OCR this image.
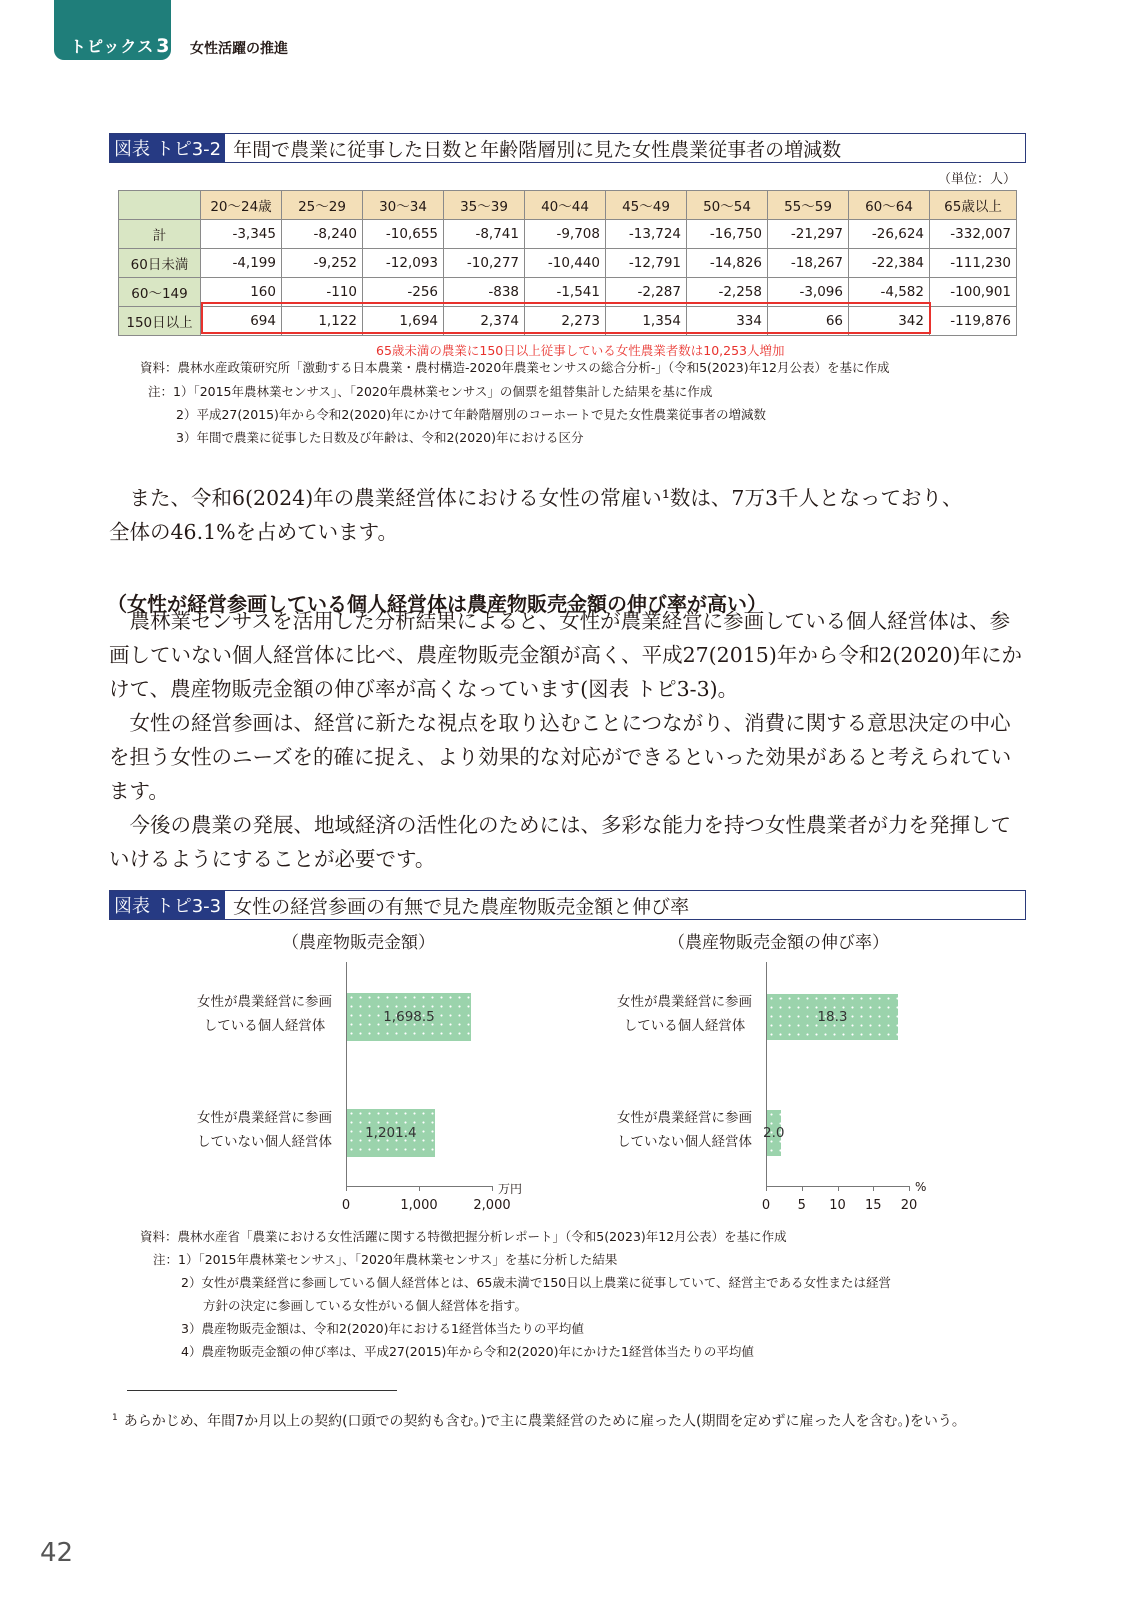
トピックス 3 女性活躍の推進
図表 トピ3-2 年間で農業に従事した日数と年齢階層別に見た女性農業従事者の増減数
（単位：人）
	20～24歳	25～29	30～34	35～39	40～44	45～49	50～54	55～59	60～64	65歳以上
計	-3,345	-8,240	-10,655	-8,741	-9,708	-13,724	-16,750	-21,297	-26,624	-332,007
60日未満	-4,199	-9,252	-12,093	-10,277	-10,440	-12,791	-14,826	-18,267	-22,384	-111,230
60～149	160	-110	-256	-838	-1,541	-2,287	-2,258	-3,096	-4,582	-100,901
150日以上	694	1,122	1,694	2,374	2,273	1,354	334	66	342	-119,876
65歳未満の農業に150日以上従事している女性農業者数は10,253人増加
資料：農林水産政策研究所「激動する日本農業・農村構造-2020年農業センサスの総合分析-」（令和5(2023)年12月公表）を基に作成
注：1）「2015年農林業センサス」、「2020年農林業センサス」の個票を組替集計した結果を基に作成
2）平成27(2015)年から令和2(2020)年にかけて年齢階層別のコーホートで見た女性農業従事者の増減数
3）年間で農業に従事した日数及び年齢は、令和2(2020)年における区分

また、令和6(2024)年の農業経営体における女性の常雇い¹数は、7万3千人となっており、

全体の46.1%を占めています。

（女性が経営参画している個人経営体は農産物販売金額の伸び率が高い）

農林業センサスを活用した分析結果によると、女性が農業経営に参画している個人経営体は、参画していない個人経営体に比べ、農産物販売金額が高く、平成27(2015)年から令和2(2020)年にかけて、農産物販売金額の伸び率が高くなっています(図表 トピ3-3)。

女性の経営参画は、経営に新たな視点を取り込むことにつながり、消費に関する意思決定の中心を担う女性のニーズを的確に捉え、より効果的な対応ができるといった効果があると考えられています。

今後の農業の発展、地域経済の活性化のためには、多彩な能力を持つ女性農業者が力を発揮していけるようにすることが必要です。

図表 トピ3-3 女性の経営参画の有無で見た農産物販売金額と伸び率
（農産物販売金額）
0	1,000	2,000
万円
1,698.5
女性が農業経営に参画
している個人経営体
1,201.4
女性が農業経営に参画
していない個人経営体
（農産物販売金額の伸び率）
0 5 10 15 20
%
18.3
女性が農業経営に参画
している個人経営体
2.0
女性が農業経営に参画
していない個人経営体
資料：農林水産省「農業における女性活躍に関する特徴把握分析レポート」（令和5(2023)年12月公表）を基に作成
注：1）「2015年農林業センサス」、「2020年農林業センサス」を基に分析した結果
2）女性が農業経営に参画している個人経営体とは、65歳未満で150日以上農業に従事していて、経営主である女性または経営
方針の決定に参画している女性がいる個人経営体を指す。
3）農産物販売金額は、令和2(2020)年における1経営体当たりの平均値
4）農産物販売金額の伸び率は、平成27(2015)年から令和2(2020)年にかけた1経営体当たりの平均値
$^1$ あらかじめ、年間7か月以上の契約(口頭での契約も含む。)で主に農業経営のために雇った人(期間を定めずに雇った人を含む。)をいう。
42
